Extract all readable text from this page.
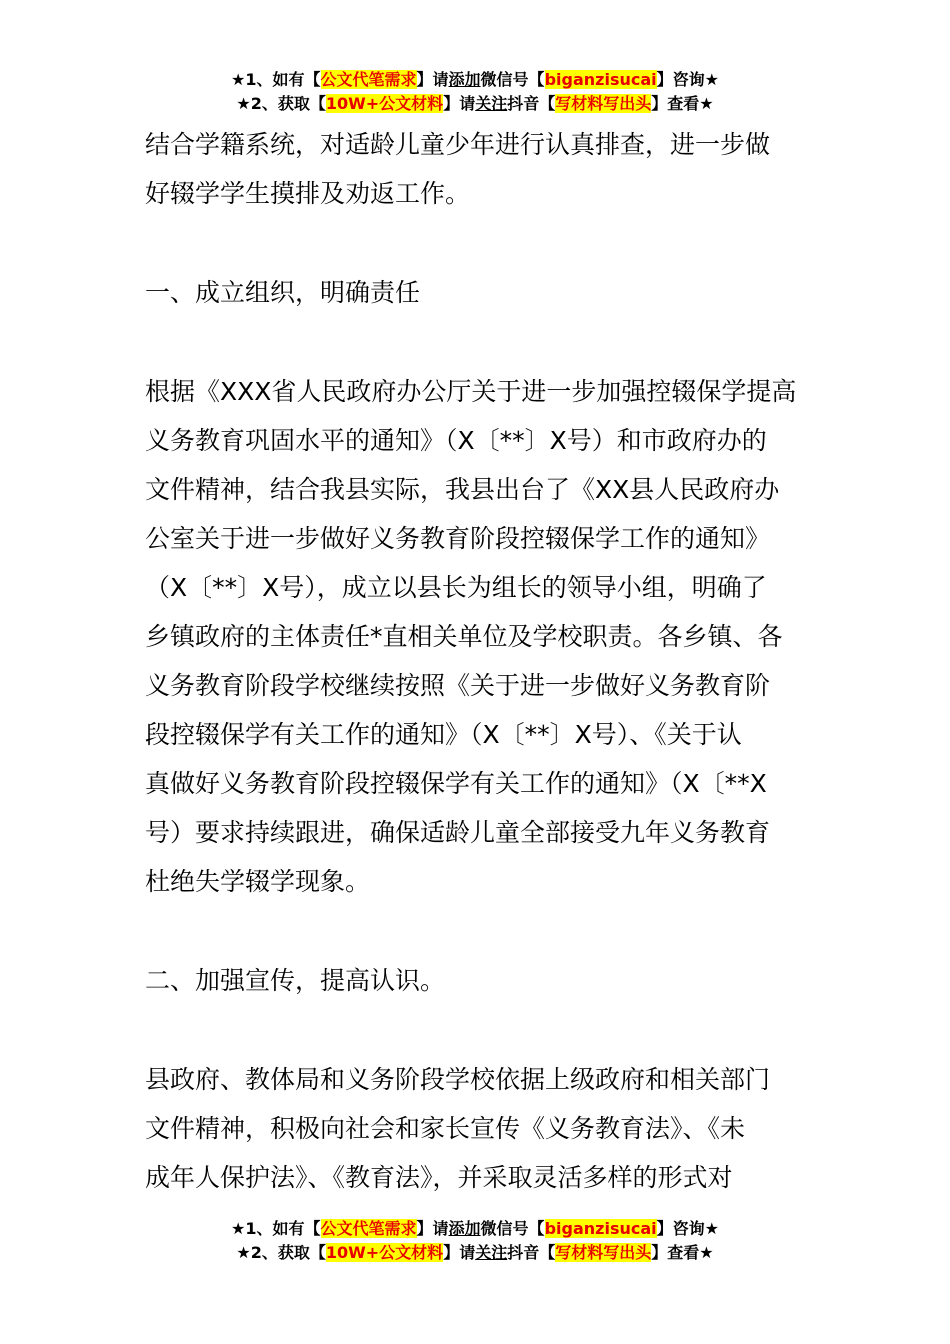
★1、如有【公文代笔需求】请添加微信号【biganzisucai】咨询★
★2、获取【10W+公文材料】请关注抖音【写材料写出头】查看★

结合学籍系统，对适龄儿童少年进行认真排查，进一步做

好辍学学生摸排及劝返工作。

一、成立组织，明确责任

根据《XXX省人民政府办公厅关于进一步加强控辍保学提高

义务教育巩固水平的通知》（X〔**〕X号）和市政府办的

文件精神，结合我县实际，我县出台了《XX县人民政府办

公室关于进一步做好义务教育阶段控辍保学工作的通知》

（X〔**〕X号），成立以县长为组长的领导小组，明确了

乡镇政府的主体责任*直相关单位及学校职责。各乡镇、各

义务教育阶段学校继续按照《关于进一步做好义务教育阶

段控辍保学有关工作的通知》（X〔**〕X号）、《关于认

真做好义务教育阶段控辍保学有关工作的通知》（X〔**X

号）要求持续跟进，确保适龄儿童全部接受九年义务教育

杜绝失学辍学现象。

二、加强宣传，提高认识。

县政府、教体局和义务阶段学校依据上级政府和相关部门

文件精神，积极向社会和家长宣传《义务教育法》、《未

成年人保护法》、《教育法》，并采取灵活多样的形式对

★1、如有【公文代笔需求】请添加微信号【biganzisucai】咨询★
★2、获取【10W+公文材料】请关注抖音【写材料写出头】查看★
